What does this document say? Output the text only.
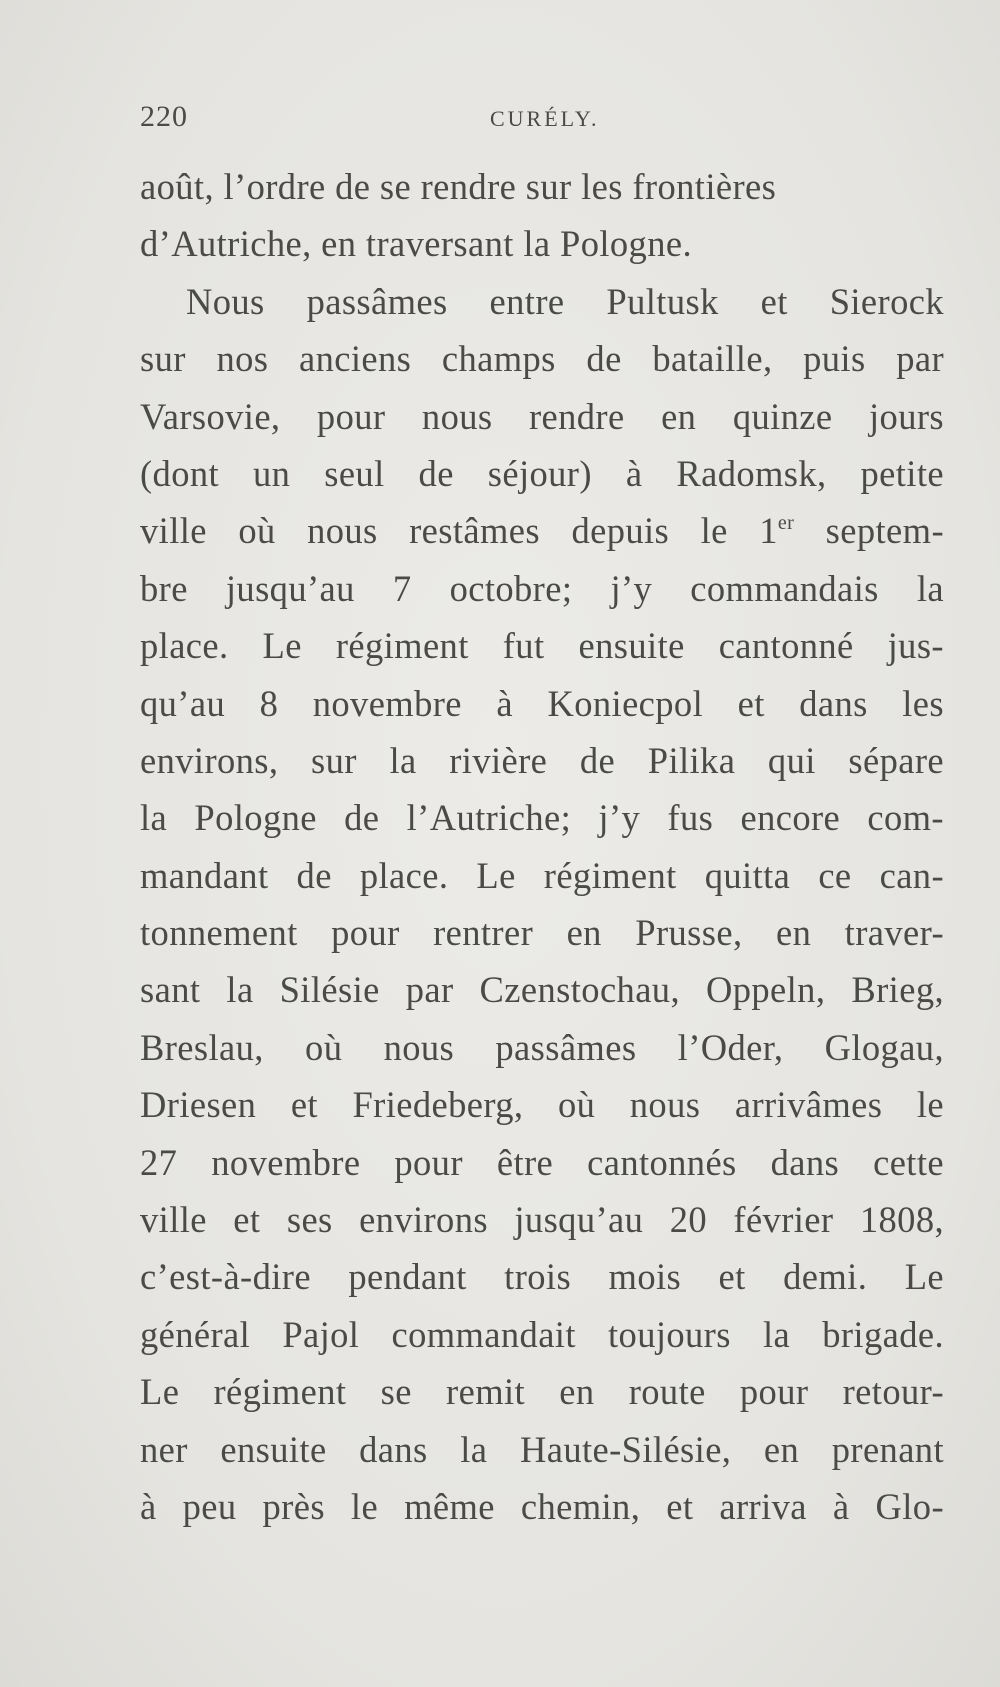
220	CURÉLY.
août, l’ordre de se rendre sur les frontières
d’Autriche, en traversant la Pologne.
Nous passâmes entre Pultusk et Sierock
sur nos anciens champs de bataille, puis par
Varsovie, pour nous rendre en quinze jours
(dont un seul de séjour) à Radomsk, petite
ville où nous restâmes depuis le 1er septem-
bre jusqu’au 7 octobre; j’y commandais la
place. Le régiment fut ensuite cantonné jus-
qu’au 8 novembre à Koniecpol et dans les
environs, sur la rivière de Pilika qui sépare
la Pologne de l’Autriche; j’y fus encore com-
mandant de place. Le régiment quitta ce can-
tonnement pour rentrer en Prusse, en traver-
sant la Silésie par Czenstochau, Oppeln, Brieg,
Breslau, où nous passâmes l’Oder, Glogau,
Driesen et Friedeberg, où nous arrivâmes le
27 novembre pour être cantonnés dans cette
ville et ses environs jusqu’au 20 février 1808,
c’est-à-dire pendant trois mois et demi. Le
général Pajol commandait toujours la brigade.
Le régiment se remit en route pour retour-
ner ensuite dans la Haute-Silésie, en prenant
à peu près le même chemin, et arriva à Glo-
